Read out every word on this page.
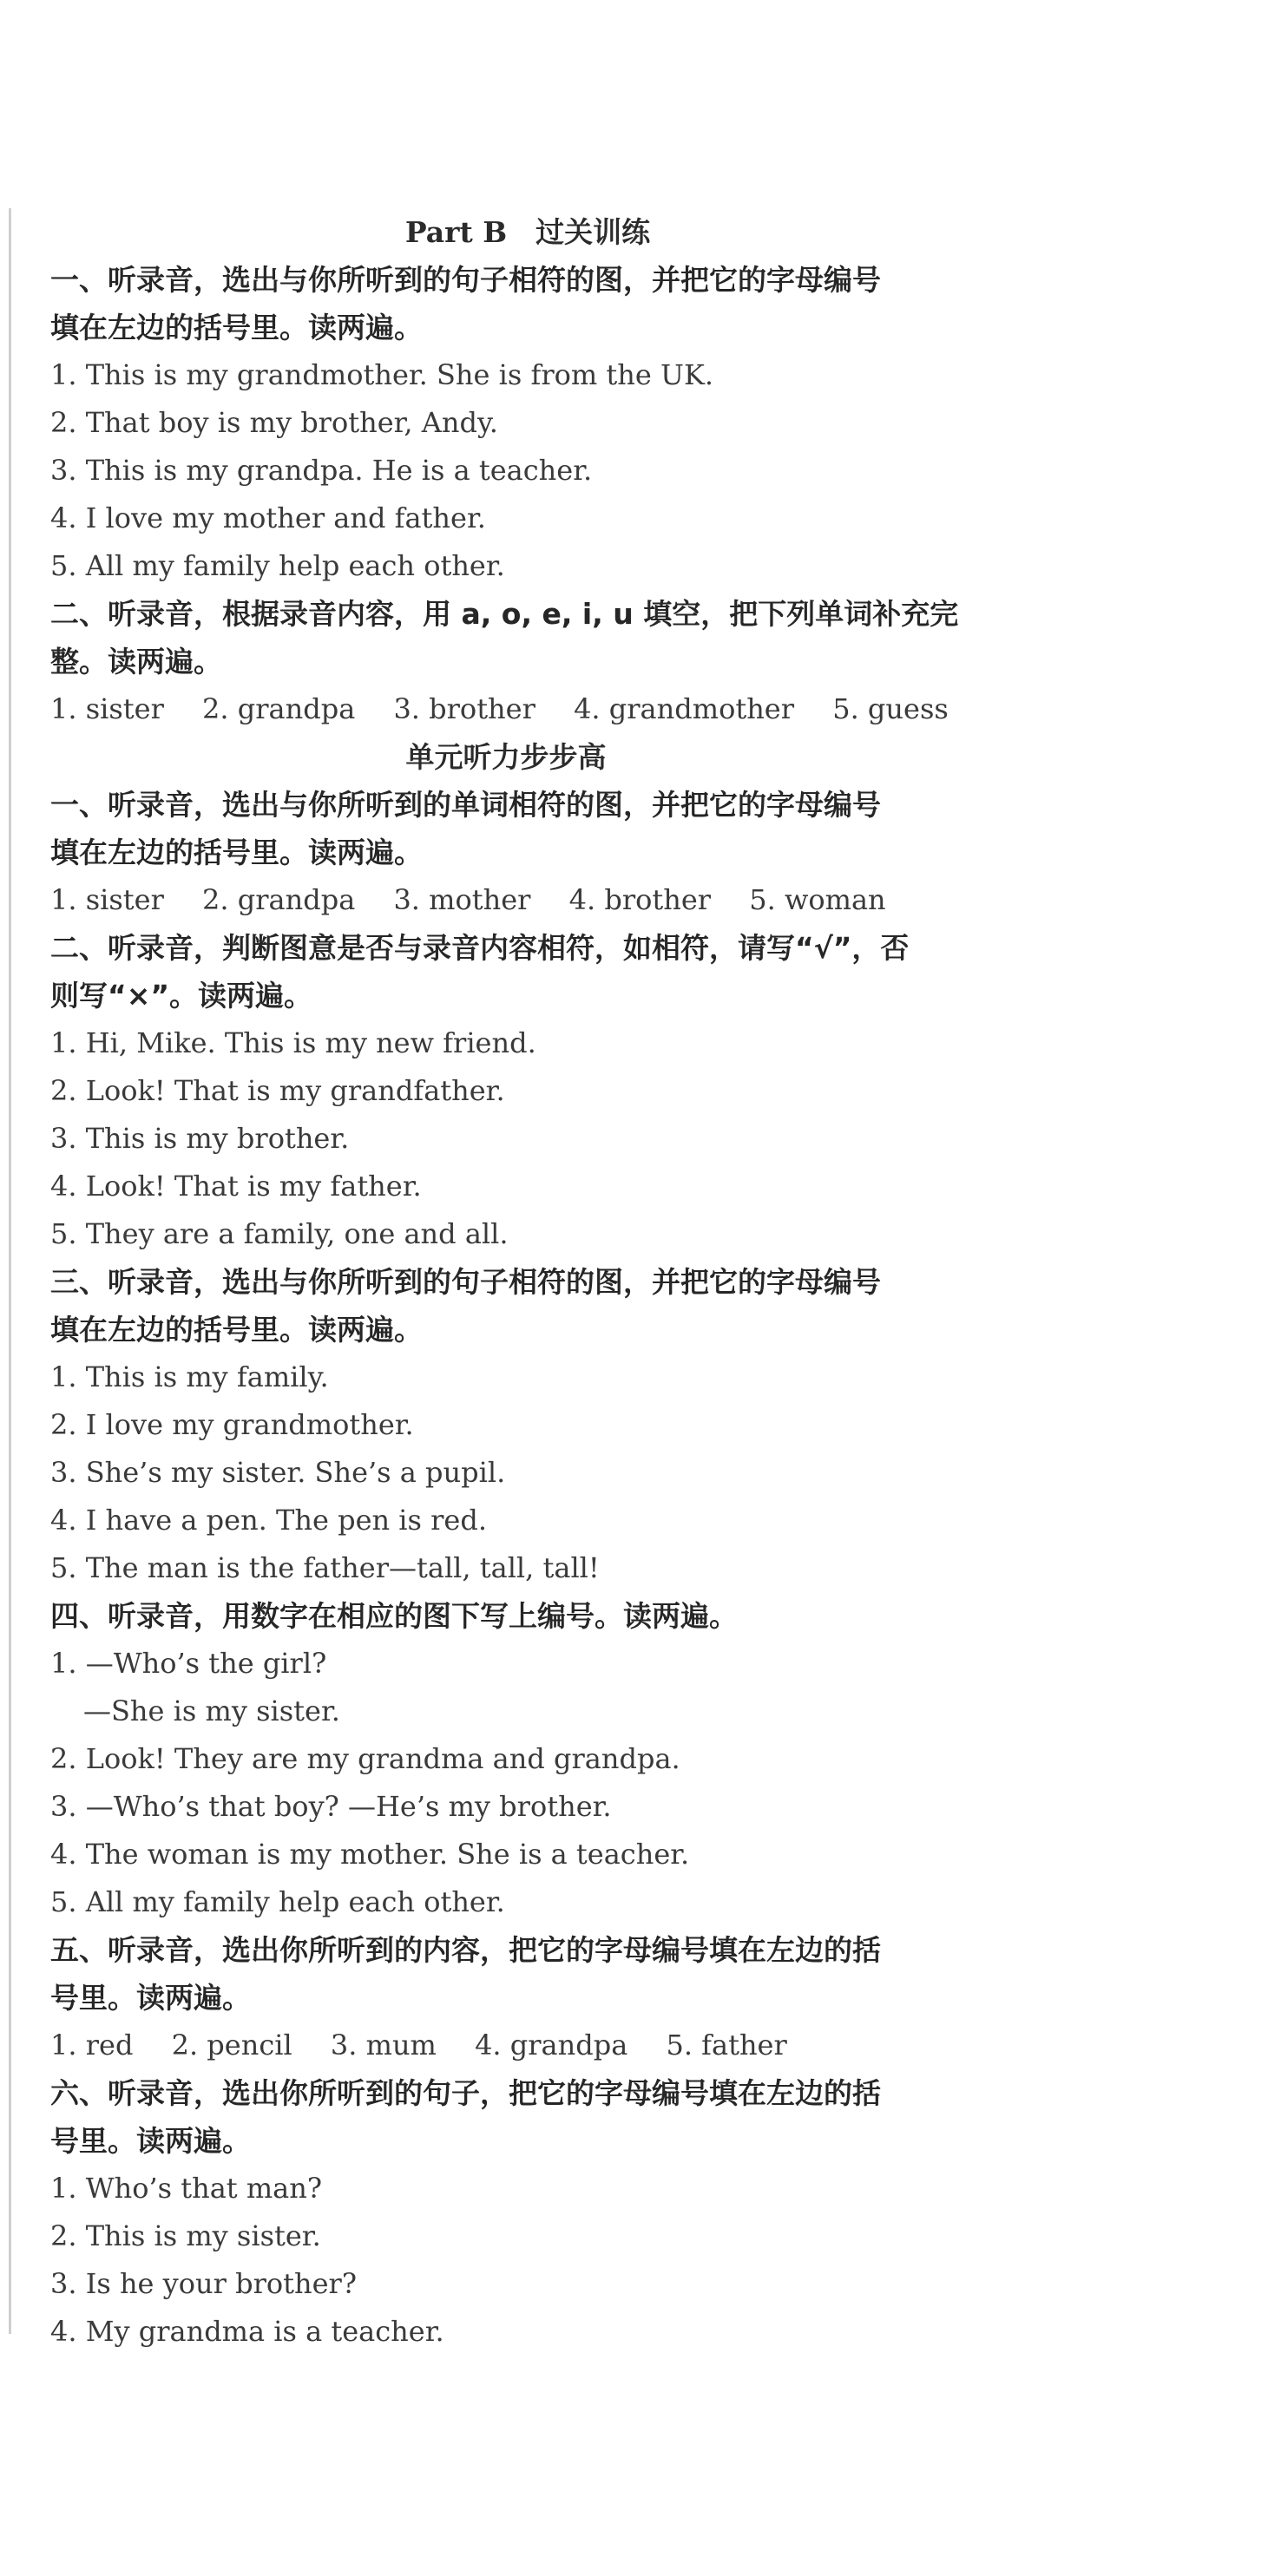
Part B　过关训练
一、听录音，选出与你所听到的句子相符的图，并把它的字母编号
填在左边的括号里。读两遍。
1. This is my grandmother. She is from the UK.
2. That boy is my brother, Andy.
3. This is my grandpa. He is a teacher.
4. I love my mother and father.
5. All my family help each other.
二、听录音，根据录音内容，用 a, o, e, i, u 填空，把下列单词补充完
整。读两遍。
1. sister 2. grandpa 3. brother 4. grandmother 5. guess
单元听力步步高
一、听录音，选出与你所听到的单词相符的图，并把它的字母编号
填在左边的括号里。读两遍。
1. sister 2. grandpa 3. mother 4. brother 5. woman
二、听录音，判断图意是否与录音内容相符，如相符，请写“√”，否
则写“×”。读两遍。
1. Hi, Mike. This is my new friend.
2. Look! That is my grandfather.
3. This is my brother.
4. Look! That is my father.
5. They are a family, one and all.
三、听录音，选出与你所听到的句子相符的图，并把它的字母编号
填在左边的括号里。读两遍。
1. This is my family.
2. I love my grandmother.
3. She’s my sister. She’s a pupil.
4. I have a pen. The pen is red.
5. The man is the father—tall, tall, tall!
四、听录音，用数字在相应的图下写上编号。读两遍。
1. —Who’s the girl?
—She is my sister.
2. Look! They are my grandma and grandpa.
3. —Who’s that boy? —He’s my brother.
4. The woman is my mother. She is a teacher.
5. All my family help each other.
五、听录音，选出你所听到的内容，把它的字母编号填在左边的括
号里。读两遍。
1. red 2. pencil 3. mum 4. grandpa 5. father
六、听录音，选出你所听到的句子，把它的字母编号填在左边的括
号里。读两遍。
1. Who’s that man?
2. This is my sister.
3. Is he your brother?
4. My grandma is a teacher.
